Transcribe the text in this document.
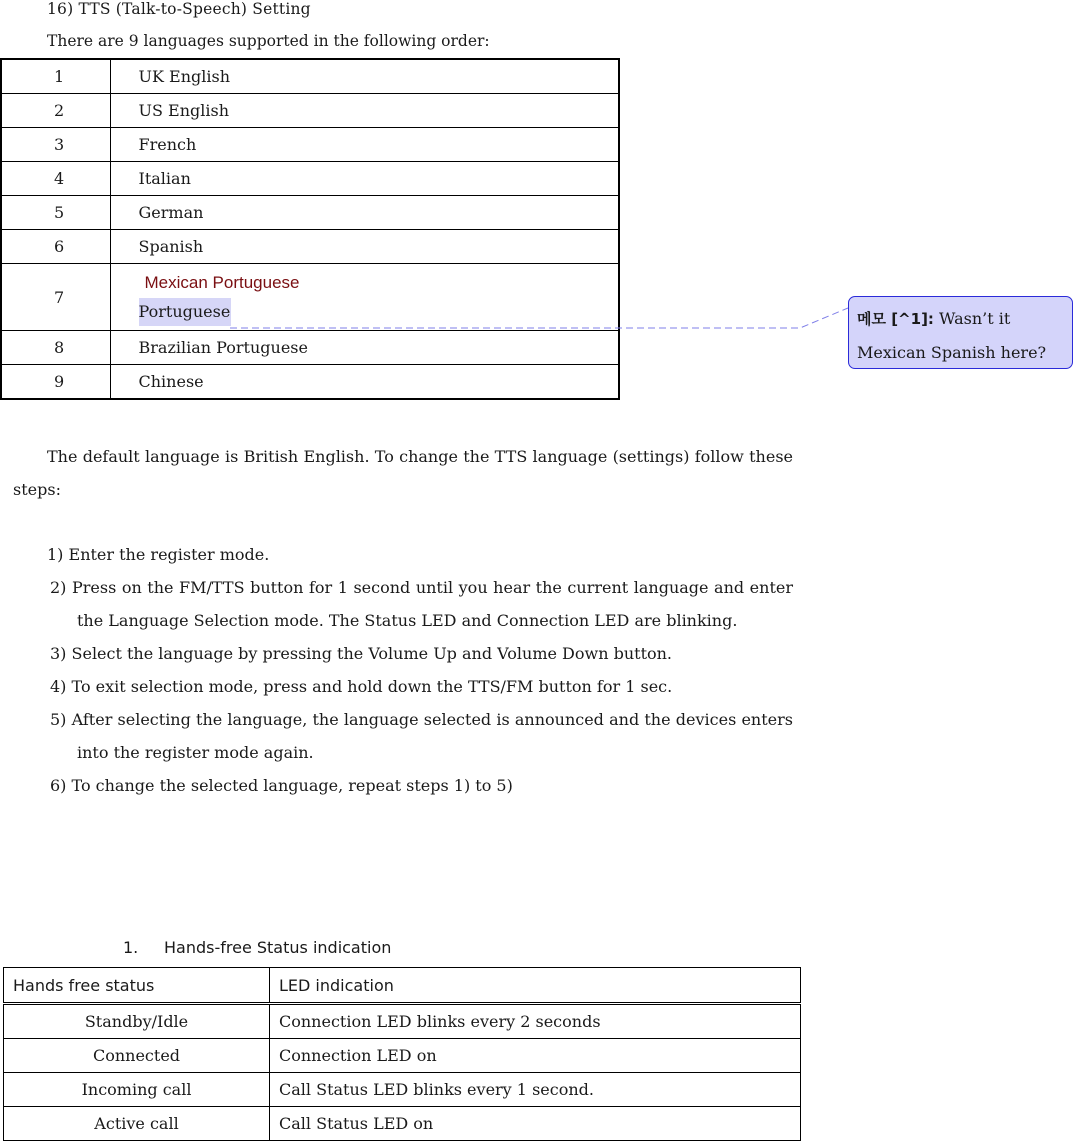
16) TTS (Talk-to-Speech) Setting
There are 9 languages supported in the following order:
1	UK English
2	US English
3	French
4	Italian
5	German
6	Spanish
7	Mexican Portuguese
Portuguese
8	Brazilian Portuguese
9	Chinese
메모 [^1]: Wasn’t it
Mexican Spanish here?
The default language is British English. To change the TTS language (settings) follow these
steps:
1) Enter the register mode.
2) Press on the FM/TTS button for 1 second until you hear the current language and enter the Language Selection mode. The Status LED and Connection LED are blinking.
3) Select the language by pressing the Volume Up and Volume Down button.
4) To exit selection mode, press and hold down the TTS/FM button for 1 sec.
5) After selecting the language, the language selected is announced and the devices enters into the register mode again.
6) To change the selected language, repeat steps 1) to 5)
1. Hands-free Status indication
Hands free status	LED indication
Standby/Idle	Connection LED blinks every 2 seconds
Connected	Connection LED on
Incoming call	Call Status LED blinks every 1 second.
Active call	Call Status LED on
